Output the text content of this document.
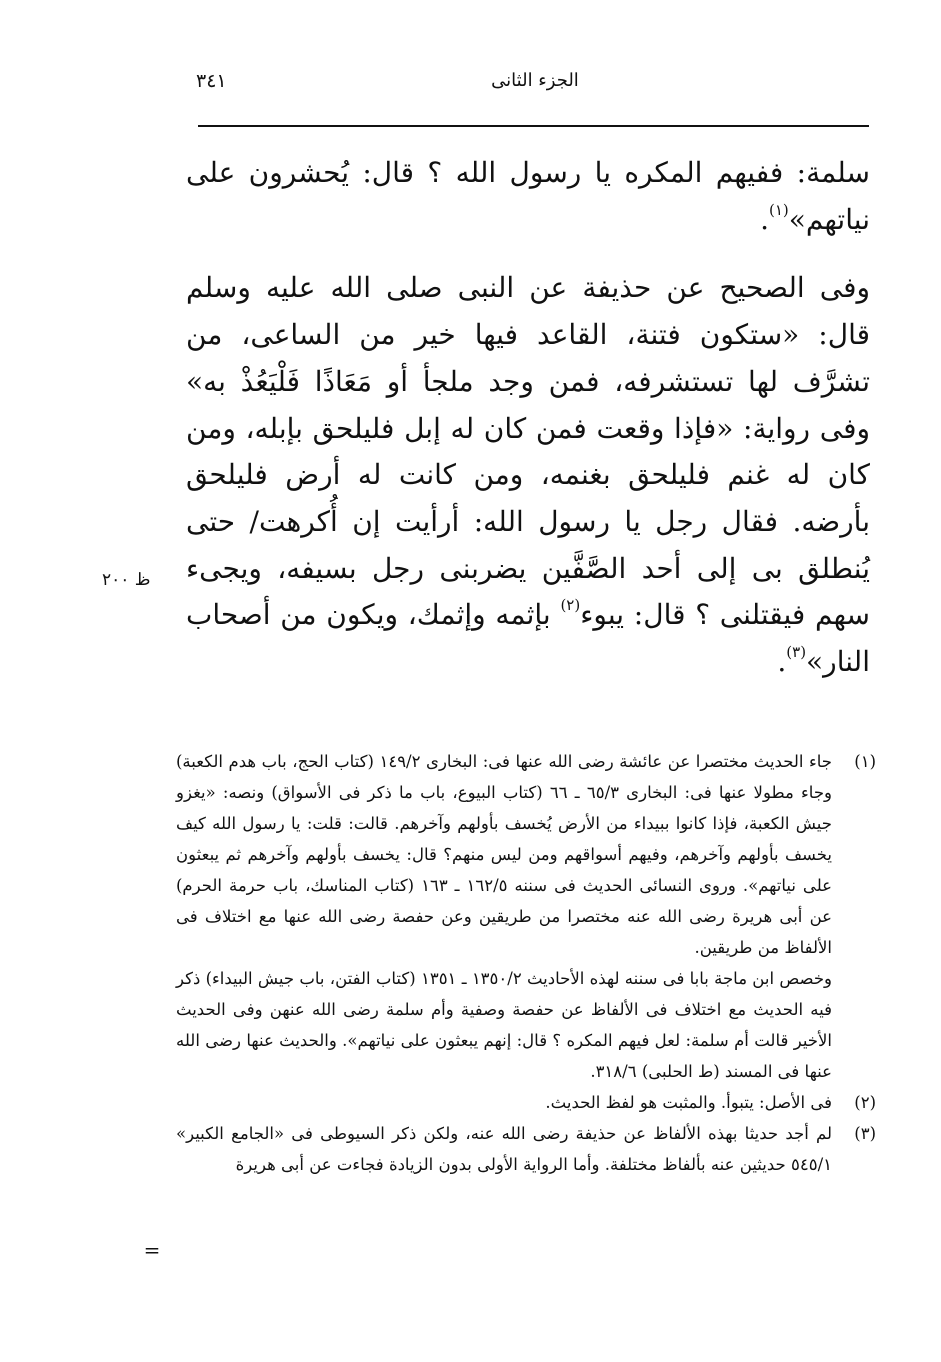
٣٤١	الجزء الثانى

سلمة: ففيهم المكره يا رسول الله ؟ قال: يُحشرون على نياتهم»$^{(١)}$.

وفى الصحيح عن حذيفة عن النبى صلى الله عليه وسلم قال: «ستكون فتنة، القاعد فيها خير من الساعى، من تشرَّف لها تستشرفه، فمن وجد ملجأ أو مَعَاذًا فَلْيَعُذْ به» وفى رواية: «فإذا وقعت فمن كان له إبل فليلحق بإبله، ومن كان له غنم فليلحق بغنمه، ومن كانت له أرض فليلحق بأرضه. فقال رجل يا رسول الله: أرأيت إن أُكرهت/ حتى يُنطلق بى إلى أحد الصَّفَّين يضربنى رجل بسيفه، ويجىء سهم فيقتلنى ؟ قال: يبوء$^{(٢)}$ بإثمه وإثمك، ويكون من أصحاب النار»$^{(٣)}$.

ظ ٢٠٠
(١)

جاء الحديث مختصرا عن عائشة رضى الله عنها فى: البخارى ١٤٩/٢ (كتاب الحج، باب هدم الكعبة) وجاء مطولا عنها فى: البخارى ٦٥/٣ ـ ٦٦ (كتاب البيوع، باب ما ذكر فى الأسواق) ونصه: «يغزو جيش الكعبة، فإذا كانوا ببيداء من الأرض يُخسف بأولهم وآخرهم. قالت: قلت: يا رسول الله كيف يخسف بأولهم وآخرهم، وفيهم أسواقهم ومن ليس منهم؟ قال: يخسف بأولهم وآخرهم ثم يبعثون على نياتهم». وروى النسائى الحديث فى سننه ١٦٢/٥ ـ ١٦٣ (كتاب المناسك، باب حرمة الحرم) عن أبى هريرة رضى الله عنه مختصرا من طريقين وعن حفصة رضى الله عنها مع اختلاف فى الألفاظ من طريقين.

وخصص ابن ماجة بابا فى سننه لهذه الأحاديث ١٣٥٠/٢ ـ ١٣٥١ (كتاب الفتن، باب جيش البيداء) ذكر فيه الحديث مع اختلاف فى الألفاظ عن حفصة وصفية وأم سلمة رضى الله عنهن وفى الحديث الأخير قالت أم سلمة: لعل فيهم المكره ؟ قال: إنهم يبعثون على نياتهم». والحديث عنها رضى الله عنها فى المسند (ط الحلبى) ٣١٨/٦.

(٢)

فى الأصل: يتبوأ. والمثبت هو لفظ الحديث.

(٣)

لم أجد حديثا بهذه الألفاظ عن حذيفة رضى الله عنه، ولكن ذكر السيوطى فى «الجامع الكبير» ٥٤٥/١ حديثين عنه بألفاظ مختلفة. وأما الرواية الأولى بدون الزيادة فجاءت عن أبى هريرة

=
